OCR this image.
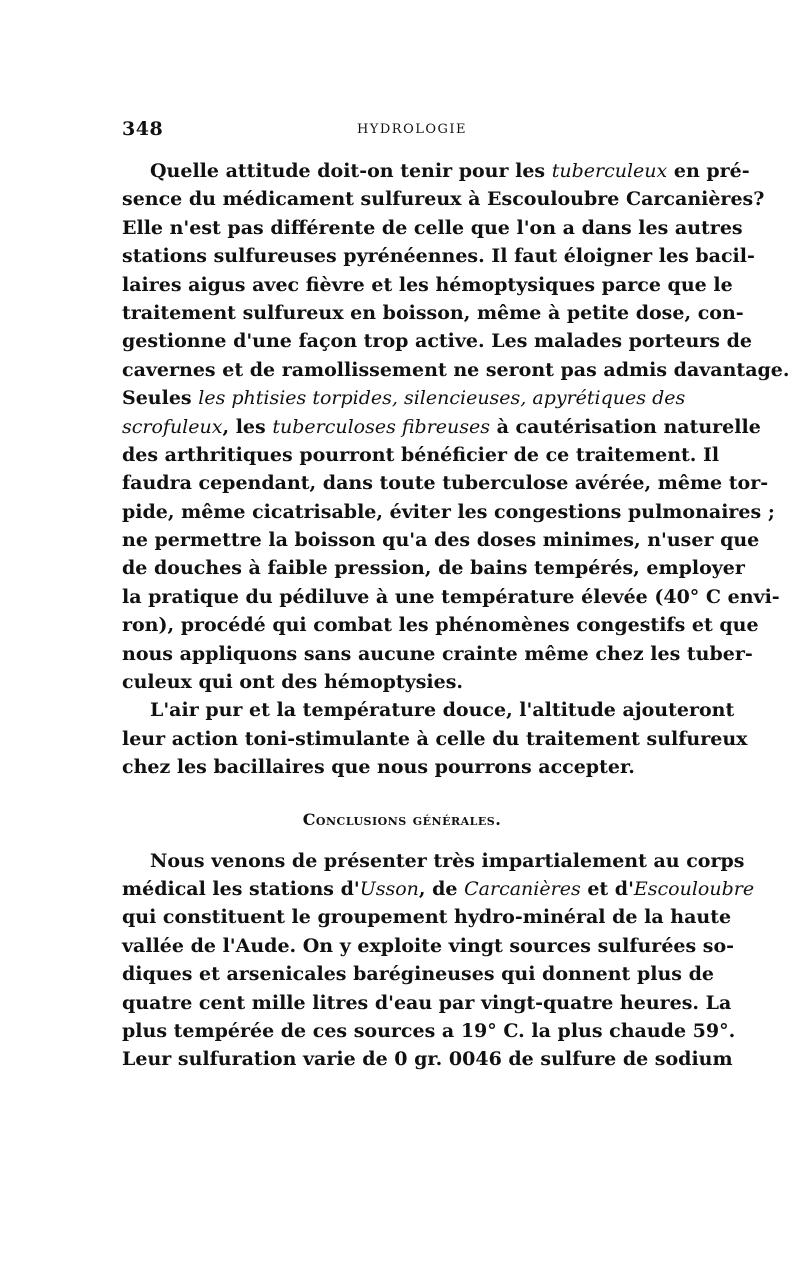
348	HYDROLOGIE
Quelle attitude doit-on tenir pour les tuberculeux en pré-
sence du médicament sulfureux à Escouloubre Carcanières?
Elle n'est pas différente de celle que l'on a dans les autres
stations sulfureuses pyrénéennes. Il faut éloigner les bacil-
laires aigus avec fièvre et les hémoptysiques parce que le
traitement sulfureux en boisson, même à petite dose, con-
gestionne d'une façon trop active. Les malades porteurs de
cavernes et de ramollissement ne seront pas admis davantage.
Seules les phtisies torpides, silencieuses, apyrétiques des
scrofuleux, les tuberculoses fibreuses à cautérisation naturelle
des arthritiques pourront bénéficier de ce traitement. Il
faudra cependant, dans toute tuberculose avérée, même tor-
pide, même cicatrisable, éviter les congestions pulmonaires ;
ne permettre la boisson qu'a des doses minimes, n'user que
de douches à faible pression, de bains tempérés, employer
la pratique du pédiluve à une température élevée (40° C envi-
ron), procédé qui combat les phénomènes congestifs et que
nous appliquons sans aucune crainte même chez les tuber-
culeux qui ont des hémoptysies.
L'air pur et la température douce, l'altitude ajouteront
leur action toni-stimulante à celle du traitement sulfureux
chez les bacillaires que nous pourrons accepter.
Conclusions générales.
Nous venons de présenter très impartialement au corps
médical les stations d'Usson, de Carcanières et d'Escouloubre
qui constituent le groupement hydro-minéral de la haute
vallée de l'Aude. On y exploite vingt sources sulfurées so-
diques et arsenicales barégineuses qui donnent plus de
quatre cent mille litres d'eau par vingt-quatre heures. La
plus tempérée de ces sources a 19° C. la plus chaude 59°.
Leur sulfuration varie de 0 gr. 0046 de sulfure de sodium
